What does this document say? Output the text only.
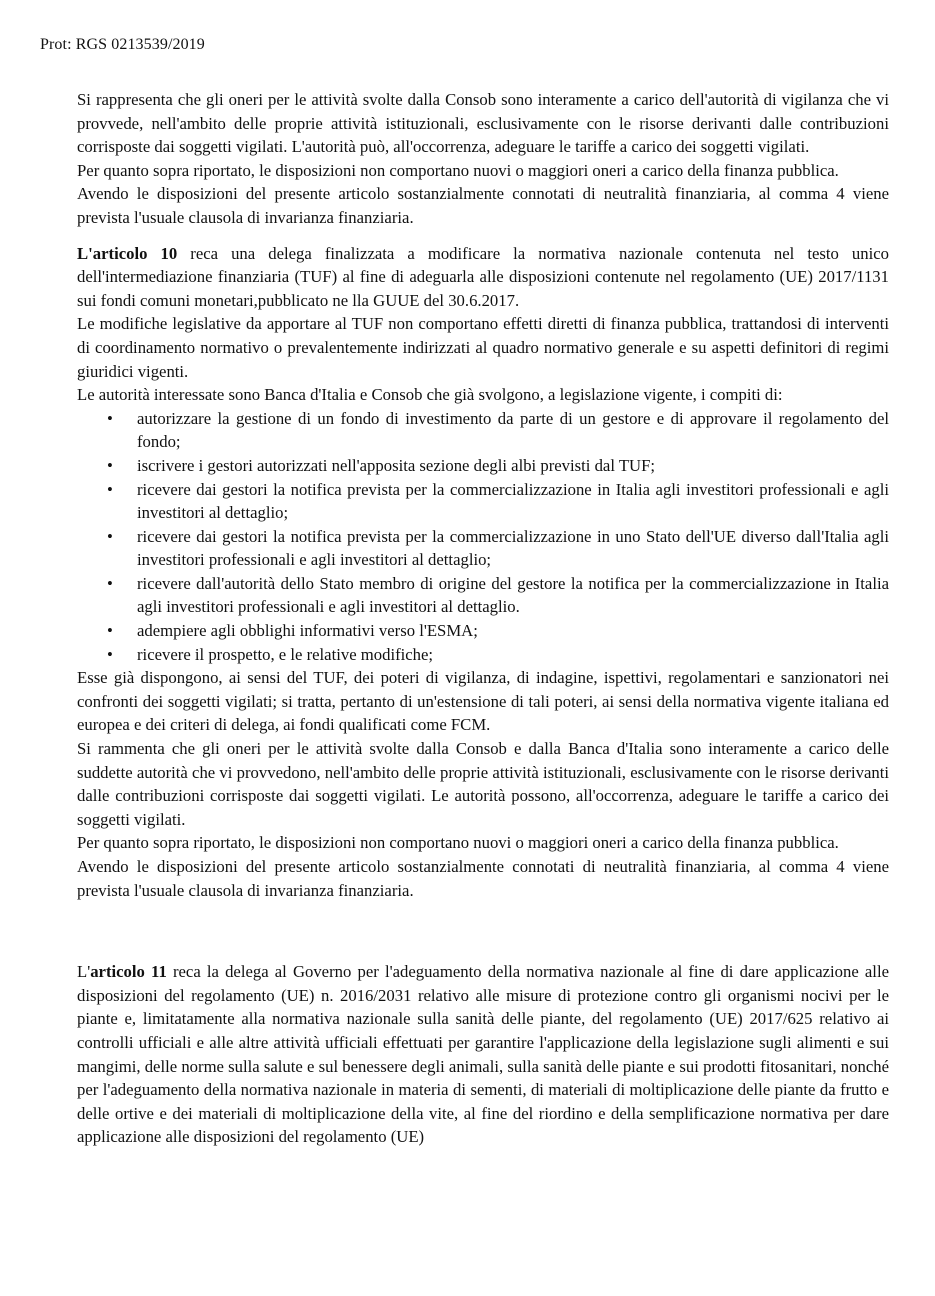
Prot: RGS 0213539/2019

Si rappresenta che gli oneri per le attività svolte dalla Consob sono interamente a carico dell'autorità di vigilanza che vi provvede, nell'ambito delle proprie attività istituzionali, esclusivamente con le risorse derivanti dalle contribuzioni corrisposte dai soggetti vigilati. L'autorità può, all'occorrenza, adeguare le tariffe a carico dei soggetti vigilati.

Per quanto sopra riportato, le disposizioni non comportano nuovi o maggiori oneri a carico della finanza pubblica.

Avendo le disposizioni del presente articolo sostanzialmente connotati di neutralità finanziaria, al comma 4 viene prevista l'usuale clausola di invarianza finanziaria.

L'articolo 10 reca una delega finalizzata a modificare la normativa nazionale contenuta nel testo unico dell'intermediazione finanziaria (TUF) al fine di adeguarla alle disposizioni contenute nel regolamento (UE) 2017/1131 sui fondi comuni monetari,pubblicato ne lla GUUE del 30.6.2017.

Le modifiche legislative da apportare al TUF non comportano effetti diretti di finanza pubblica, trattandosi di interventi di coordinamento normativo o prevalentemente indirizzati al quadro normativo generale e su aspetti definitori di regimi giuridici vigenti.

Le autorità interessate sono Banca d'Italia e Consob che già svolgono, a legislazione vigente, i compiti di:

• autorizzare la gestione di un fondo di investimento da parte di un gestore e di approvare il regolamento del fondo;
• iscrivere i gestori autorizzati nell'apposita sezione degli albi previsti dal TUF;
• ricevere dai gestori la notifica prevista per la commercializzazione in Italia agli investitori professionali e agli investitori al dettaglio;
• ricevere dai gestori la notifica prevista per la commercializzazione in uno Stato dell'UE diverso dall'Italia agli investitori professionali e agli investitori al dettaglio;
• ricevere dall'autorità dello Stato membro di origine del gestore la notifica per la commercializzazione in Italia agli investitori professionali e agli investitori al dettaglio.
• adempiere agli obblighi informativi verso l'ESMA;
• ricevere il prospetto, e le relative modifiche;

Esse già dispongono, ai sensi del TUF, dei poteri di vigilanza, di indagine, ispettivi, regolamentari e sanzionatori nei confronti dei soggetti vigilati; si tratta, pertanto di un'estensione di tali poteri, ai sensi della normativa vigente italiana ed europea e dei criteri di delega, ai fondi qualificati come FCM.

Si rammenta che gli oneri per le attività svolte dalla Consob e dalla Banca d'Italia sono interamente a carico delle suddette autorità che vi provvedono, nell'ambito delle proprie attività istituzionali, esclusivamente con le risorse derivanti dalle contribuzioni corrisposte dai soggetti vigilati. Le autorità possono, all'occorrenza, adeguare le tariffe a carico dei soggetti vigilati.

Per quanto sopra riportato, le disposizioni non comportano nuovi o maggiori oneri a carico della finanza pubblica.

Avendo le disposizioni del presente articolo sostanzialmente connotati di neutralità finanziaria, al comma 4 viene prevista l'usuale clausola di invarianza finanziaria.

L'articolo 11 reca la delega al Governo per l'adeguamento della normativa nazionale al fine di dare applicazione alle disposizioni del regolamento (UE) n. 2016/2031 relativo alle misure di protezione contro gli organismi nocivi per le piante e, limitatamente alla normativa nazionale sulla sanità delle piante, del regolamento (UE) 2017/625 relativo ai controlli ufficiali e alle altre attività ufficiali effettuati per garantire l'applicazione della legislazione sugli alimenti e sui mangimi, delle norme sulla salute e sul benessere degli animali, sulla sanità delle piante e sui prodotti fitosanitari, nonché per l'adeguamento della normativa nazionale in materia di sementi, di materiali di moltiplicazione delle piante da frutto e delle ortive e dei materiali di moltiplicazione della vite, al fine del riordino e della semplificazione normativa per dare applicazione alle disposizioni del regolamento (UE)
